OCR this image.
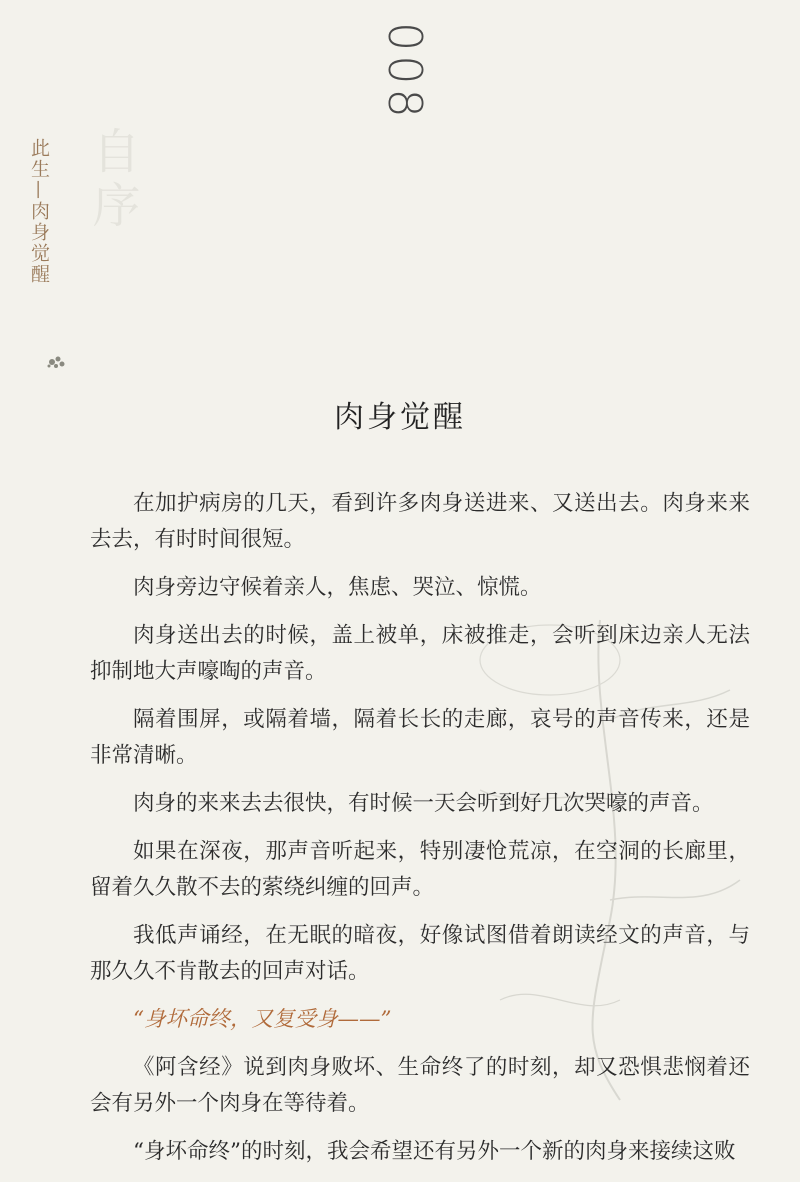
008
自序
此生—肉身觉醒
肉身觉醒

在加护病房的几天，看到许多肉身送进来、又送出去。肉身来来去去，有时时间很短。

肉身旁边守候着亲人，焦虑、哭泣、惊慌。

肉身送出去的时候，盖上被单，床被推走，会听到床边亲人无法抑制地大声嚎啕的声音。

隔着围屏，或隔着墙，隔着长长的走廊，哀号的声音传来，还是非常清晰。

肉身的来来去去很快，有时候一天会听到好几次哭嚎的声音。

如果在深夜，那声音听起来，特别凄怆荒凉，在空洞的长廊里，留着久久散不去的萦绕纠缠的回声。

我低声诵经，在无眠的暗夜，好像试图借着朗读经文的声音，与那久久不肯散去的回声对话。

“身坏命终，又复受身——”

《阿含经》说到肉身败坏、生命终了的时刻，却又恐惧悲悯着还会有另外一个肉身在等待着。

“身坏命终”的时刻，我会希望还有另外一个新的肉身来接续这败
